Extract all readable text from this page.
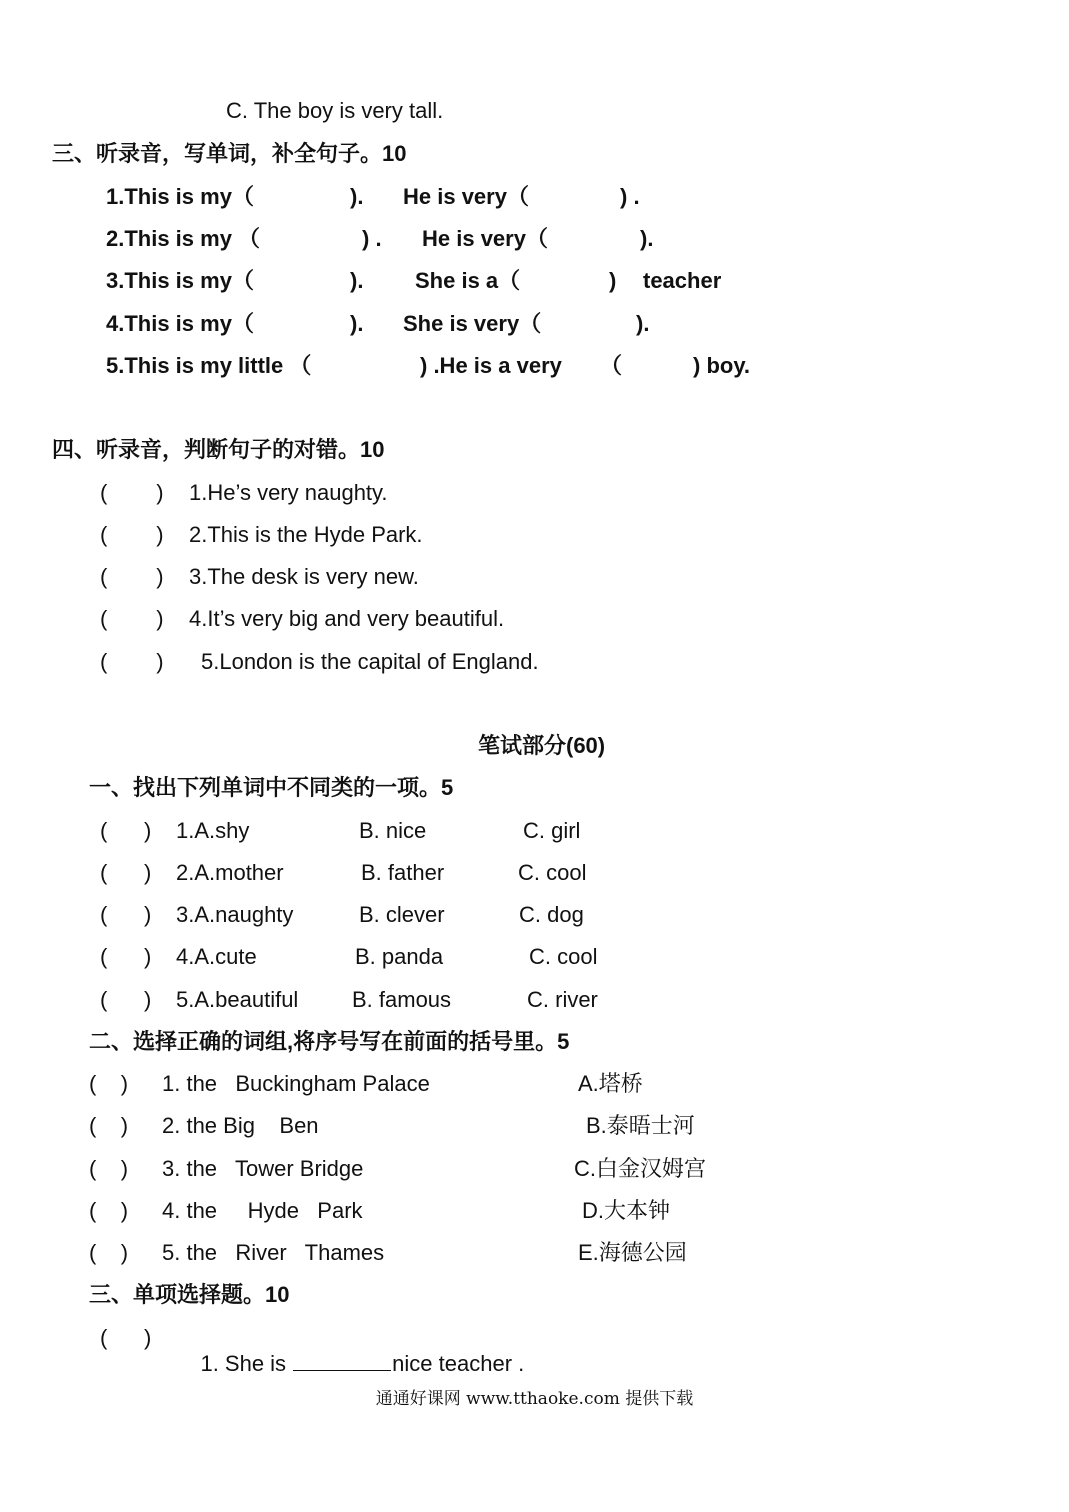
C. The boy is very tall.
三、听录音，写单词，补全句子。10
1.This is my（	). He is very（	) .
2.This is my （	) . He is very（	).
3.This is my（	). She is a（	) teacher
4.This is my（	). She is very（	).
5.This is my little （	) .He is a very （	) boy.
四、听录音，判断句子的对错。10
(        ) 1.He’s very naughty.
(        ) 2.This is the Hyde Park.
(        ) 3.The desk is very new.
(        ) 4.It’s very big and very beautiful.
(        ) 5.London is the capital of England.
笔试部分(60)
一、找出下列单词中不同类的一项。5
(      ) 1.A.shy	B. nice	C. girl
(      ) 2.A.mother	B. father	C. cool
(      ) 3.A.naughty	B. clever	C. dog
(      ) 4.A.cute	B. panda	C. cool
(      ) 5.A.beautiful B. famous	C. river
二、选择正确的词组,将序号写在前面的括号里。5
(    ) 1. the   Buckingham Palace	A.塔桥
(    ) 2. the Big    Ben	B.泰晤士河
(    ) 3. the   Tower Bridge	C.白金汉姆宫
(    ) 4. the     Hyde   Park	D.大本钟
(    ) 5. the   River   Thames	E.海德公园
三、单项选择题。10
(      )

1. She is	nice teacher .

通通好课网 www.tthaoke.com 提供下载
